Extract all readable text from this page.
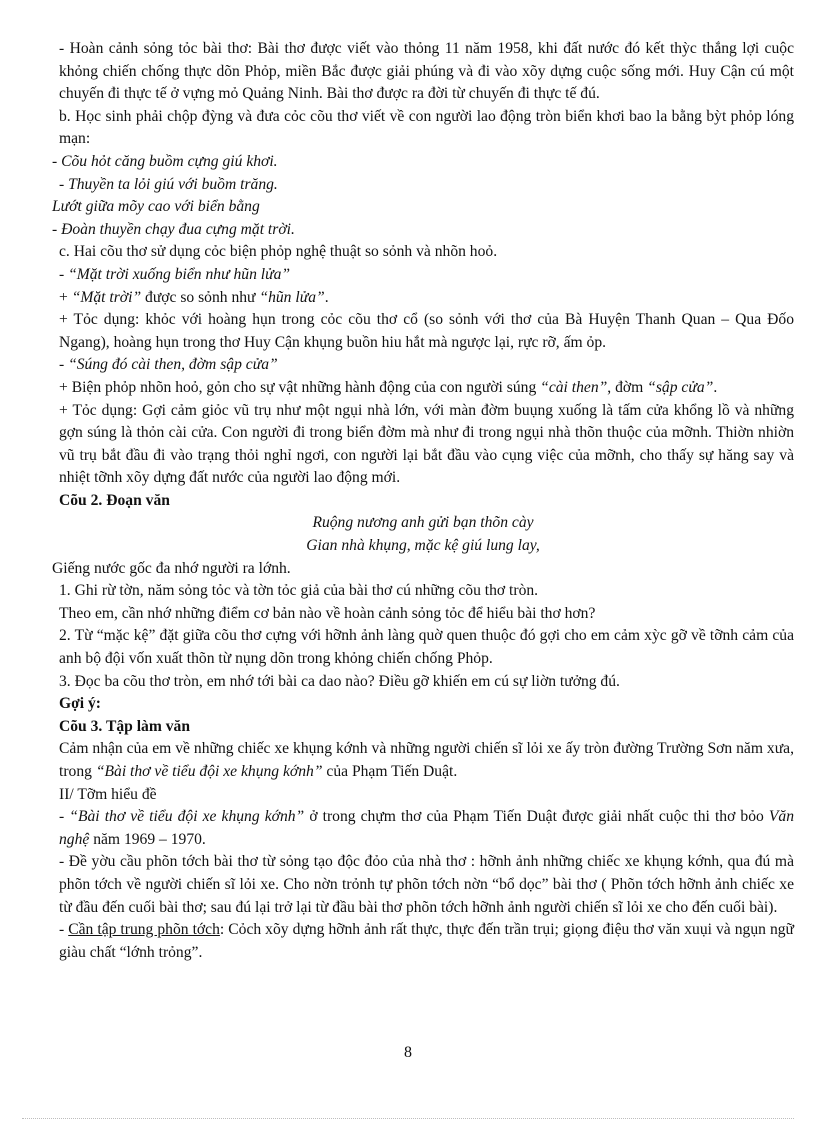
- Hoàn cảnh sỏng tỏc bài thơ: Bài thơ được viết vào thỏng 11 năm 1958, khi đất nước đó kết thỳc thắng lợi cuộc khỏng chiến chống thực dõn Phỏp, miền Bắc được giải phúng và đi vào xõy dựng cuộc sống mới. Huy Cận cú một chuyến đi thực tế ở vựng mỏ Quảng Ninh. Bài thơ được ra đời từ chuyến đi thực tế đú.

b. Học sinh phải chộp đỳng và đưa cỏc cõu thơ viết về con người lao động tròn biển khơi bao la bằng bỳt phỏp lóng mạn:

- Cõu hỏt căng buồm cựng giú khơi.

- Thuyền ta lỏi giú với buồm trăng.

Lướt giữa mõy cao với biển bằng

- Đoàn thuyền chạy đua cựng mặt trời.

c. Hai cõu thơ sử dụng cỏc biện phỏp nghệ thuật so sỏnh và nhõn hoỏ.

- “Mặt trời xuống biển như hũn lửa”

+ “Mặt trời” được so sỏnh như “hũn lửa”.

+ Tỏc dụng: khỏc với hoàng hụn trong cỏc cõu thơ cổ (so sỏnh với thơ của Bà Huyện Thanh Quan – Qua Đốo Ngang), hoàng hụn trong thơ Huy Cận khụng buồn hiu hắt mà ngược lại, rực rỡ, ấm ỏp.

- “Súng đó cài then, đờm sập cửa”

+ Biện phỏp nhõn hoỏ, gỏn cho sự vật những hành động của con người súng “cài then”, đờm “sập cửa”.

+ Tỏc dụng: Gợi cảm giỏc vũ trụ như một ngụi nhà lớn, với màn đờm buụng xuống là tấm cửa khổng lồ và những gợn súng là thỏn cài cửa. Con người đi trong biển đờm mà như đi trong ngụi nhà thõn thuộc của mỡnh. Thiờn nhiờn vũ trụ bắt đầu đi vào trạng thỏi nghỉ ngơi, con người lại bắt đầu vào cụng việc của mỡnh, cho thấy sự hăng say và nhiệt tỡnh xõy dựng đất nước của người lao động mới.

Cõu 2. Đoạn văn

Ruộng nương anh gửi bạn thõn cày

Gian nhà khụng, mặc kệ giú lung lay,

Giếng nước gốc đa nhớ người ra lớnh.

1. Ghi rừ tờn, năm sỏng tỏc và tờn tỏc giả của bài thơ cú những cõu thơ tròn.

Theo em, cần nhớ những điểm cơ bản nào về hoàn cảnh sỏng tỏc để hiểu bài thơ hơn?

2. Từ “mặc kệ” đặt giữa cõu thơ cựng với hỡnh ảnh làng quờ quen thuộc đó gợi cho em cảm xỳc gỡ về tỡnh cảm của anh bộ đội vốn xuất thõn từ nụng dõn trong khỏng chiến chống Phỏp.

3. Đọc ba cõu thơ tròn, em nhớ tới bài ca dao nào? Điều gỡ khiến em cú sự liờn tưởng đú.

Gợi ý:

Cõu 3. Tập làm văn

Cảm nhận của em về những chiếc xe khụng kớnh và những người chiến sĩ lỏi xe ấy tròn đường Trường Sơn năm xưa, trong “Bài thơ về tiểu đội xe khụng kớnh” của Phạm Tiến Duật.

II/ Tỡm hiểu đề

- “Bài thơ về tiểu đội xe khụng kớnh” ở trong chựm thơ của Phạm Tiến Duật được giải nhất cuộc thi thơ bỏo Văn nghệ năm 1969 – 1970.

- Đề yờu cầu phõn tớch bài thơ từ sỏng tạo độc đỏo của nhà thơ : hỡnh ảnh những chiếc xe khụng kớnh, qua đú mà phõn tớch về người chiến sĩ lỏi xe. Cho nờn trỏnh tự phõn tớch nờn “bổ dọc” bài thơ ( Phõn tớch hỡnh ảnh chiếc xe từ đầu đến cuối bài thơ; sau đú lại trở lại từ đầu bài thơ phõn tớch hỡnh ảnh người chiến sĩ lỏi xe cho đến cuối bài).

- Cần tập trung phõn tớch: Cỏch xõy dựng hỡnh ảnh rất thực, thực đến trần trụi; giọng điệu thơ văn xuụi và ngụn ngữ giàu chất “lớnh trỏng”.

8
